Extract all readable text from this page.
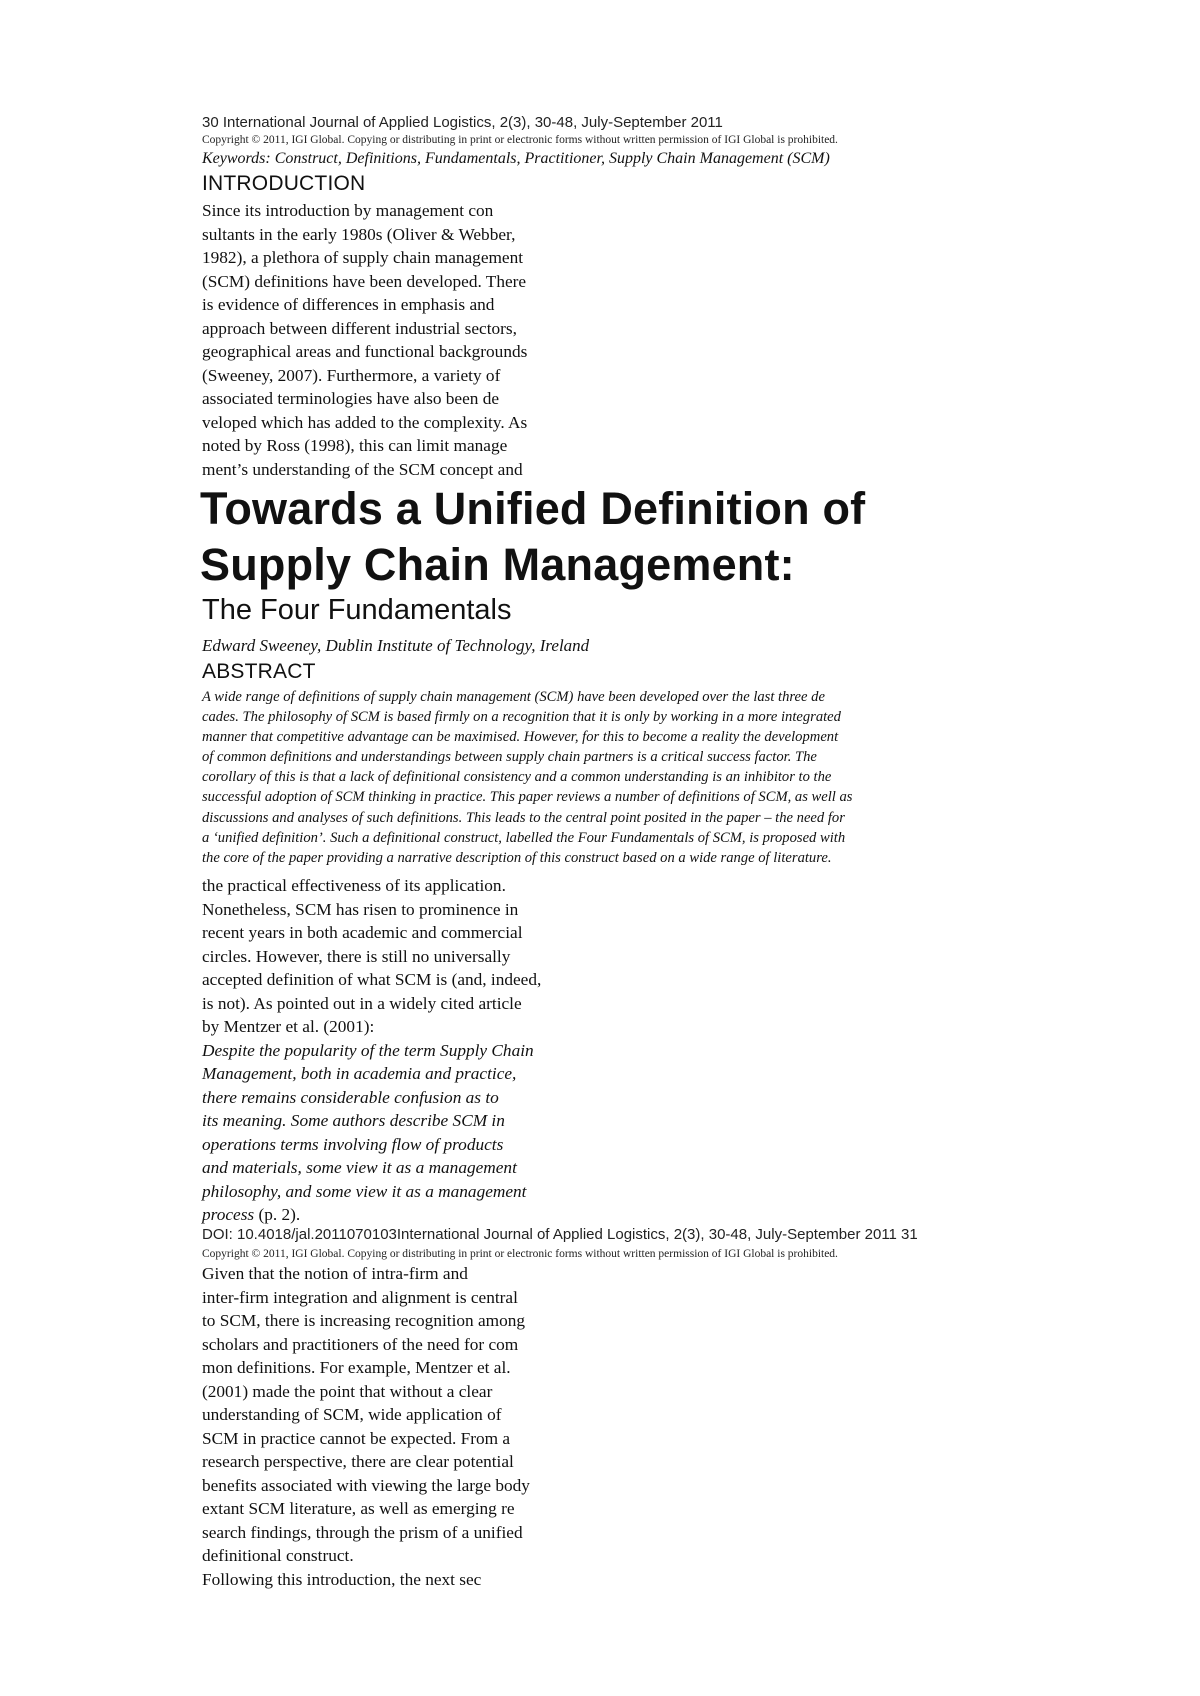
30 International Journal of Applied Logistics, 2(3), 30-48, July-September 2011
Copyright © 2011, IGI Global. Copying or distributing in print or electronic forms without written permission of IGI Global is prohibited.
Keywords: Construct, Definitions, Fundamentals, Practitioner, Supply Chain Management (SCM)
INTRODUCTION
Since its introduction by management con
sultants in the early 1980s (Oliver & Webber,
1982), a plethora of supply chain management
(SCM) definitions have been developed. There
is evidence of differences in emphasis and
approach between different industrial sectors,
geographical areas and functional backgrounds
(Sweeney, 2007). Furthermore, a variety of
associated terminologies have also been de
veloped which has added to the complexity. As
noted by Ross (1998), this can limit manage
ment’s understanding of the SCM concept and
Towards a Unified Definition of
Supply Chain Management:
The Four Fundamentals
Edward Sweeney, Dublin Institute of Technology, Ireland
ABSTRACT
A wide range of definitions of supply chain management (SCM) have been developed over the last three de
cades. The philosophy of SCM is based firmly on a recognition that it is only by working in a more integrated
manner that competitive advantage can be maximised. However, for this to become a reality the development
of common definitions and understandings between supply chain partners is a critical success factor. The
corollary of this is that a lack of definitional consistency and a common understanding is an inhibitor to the
successful adoption of SCM thinking in practice. This paper reviews a number of definitions of SCM, as well as
discussions and analyses of such definitions. This leads to the central point posited in the paper – the need for
a ‘unified definition’. Such a definitional construct, labelled the Four Fundamentals of SCM, is proposed with
the core of the paper providing a narrative description of this construct based on a wide range of literature.
the practical effectiveness of its application.
Nonetheless, SCM has risen to prominence in
recent years in both academic and commercial
circles. However, there is still no universally
accepted definition of what SCM is (and, indeed,
is not). As pointed out in a widely cited article
by Mentzer et al. (2001):
Despite the popularity of the term Supply Chain
Management, both in academia and practice,
there remains considerable confusion as to
its meaning. Some authors describe SCM in
operations terms involving flow of products
and materials, some view it as a management
philosophy, and some view it as a management
process (p. 2).
DOI: 10.4018/jal.2011070103International Journal of Applied Logistics, 2(3), 30-48, July-September 2011 31
Copyright © 2011, IGI Global. Copying or distributing in print or electronic forms without written permission of IGI Global is prohibited.
Given that the notion of intra-firm and
inter-firm integration and alignment is central
to SCM, there is increasing recognition among
scholars and practitioners of the need for com
mon definitions. For example, Mentzer et al.
(2001) made the point that without a clear
understanding of SCM, wide application of
SCM in practice cannot be expected. From a
research perspective, there are clear potential
benefits associated with viewing the large body
extant SCM literature, as well as emerging re
search findings, through the prism of a unified
definitional construct.
Following this introduction, the next sec
